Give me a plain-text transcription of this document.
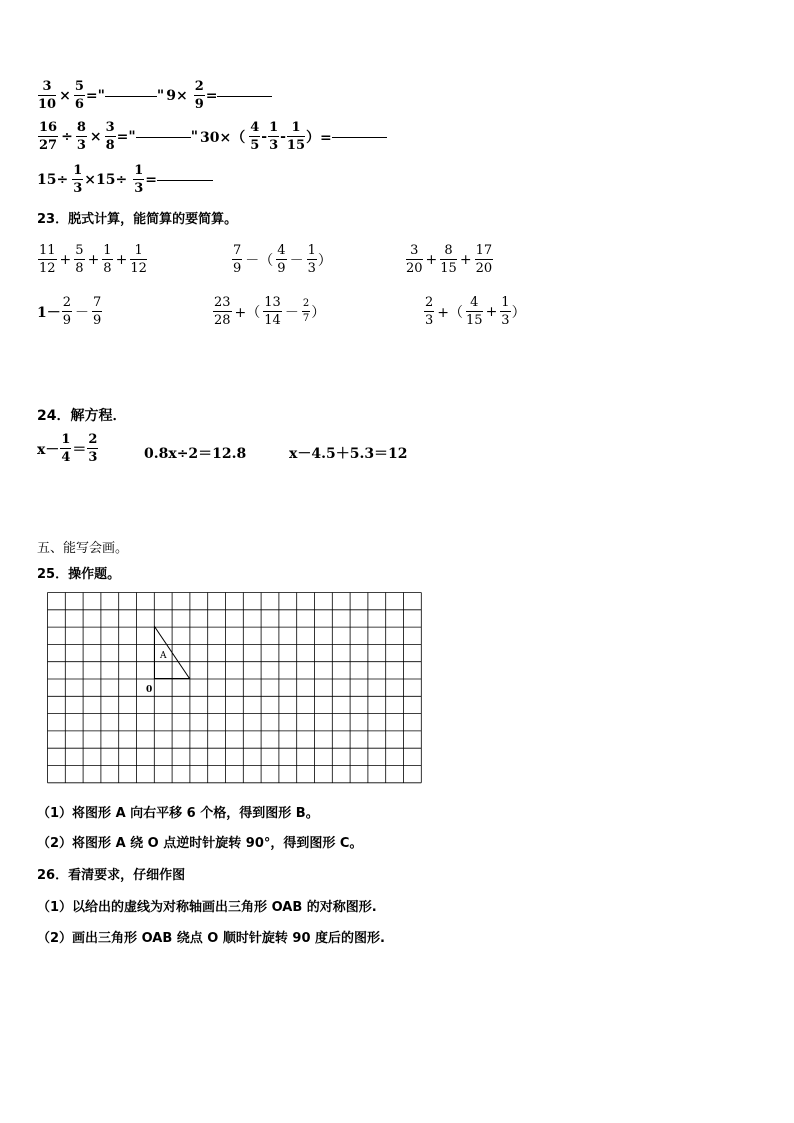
$\frac{3}{10} \times \frac{5}{6}$ ="	" $9\times \frac{2}{9}$ =
$\frac{16}{27} \div \frac{8}{3} \times \frac{3}{8}$ ="	" $30\times( \frac{4}{5} - \frac{1}{3} - \frac{1}{15}$ ）=
$15\div \frac{1}{3} \times 15\div \frac{1}{3}$ =
23．脱式计算，能简算的要简算。
$\frac{11}{12} + \frac{5}{8} + \frac{1}{8} + \frac{1}{12}$	$\frac{7}{9}$ －（ $\frac{4}{9} - \frac{1}{3}$ ）	$\frac{3}{20} + \frac{8}{15} + \frac{17}{20}$
$1- \frac{2}{9} - \frac{7}{9}$	$\frac{23}{28}$ +（ $\frac{13}{14} - \frac{2}{7}$ ）	$\frac{2}{3}$ +（ $\frac{4}{15} + \frac{1}{3}$ ）
24．解方程．
$x- \frac{1}{4} = \frac{2}{3}$	0.8x÷2＝12.8	x－4.5＋5.3＝12
五、能写会画。
25．操作题。
A
0
（1）将图形 A 向右平移 6 个格，得到图形 B。
（2）将图形 A 绕 O 点逆时针旋转 90°，得到图形 C。
26．看清要求，仔细作图
（1）以给出的虚线为对称轴画出三角形 OAB 的对称图形.
（2）画出三角形 OAB 绕点 O 顺时针旋转 90 度后的图形.
